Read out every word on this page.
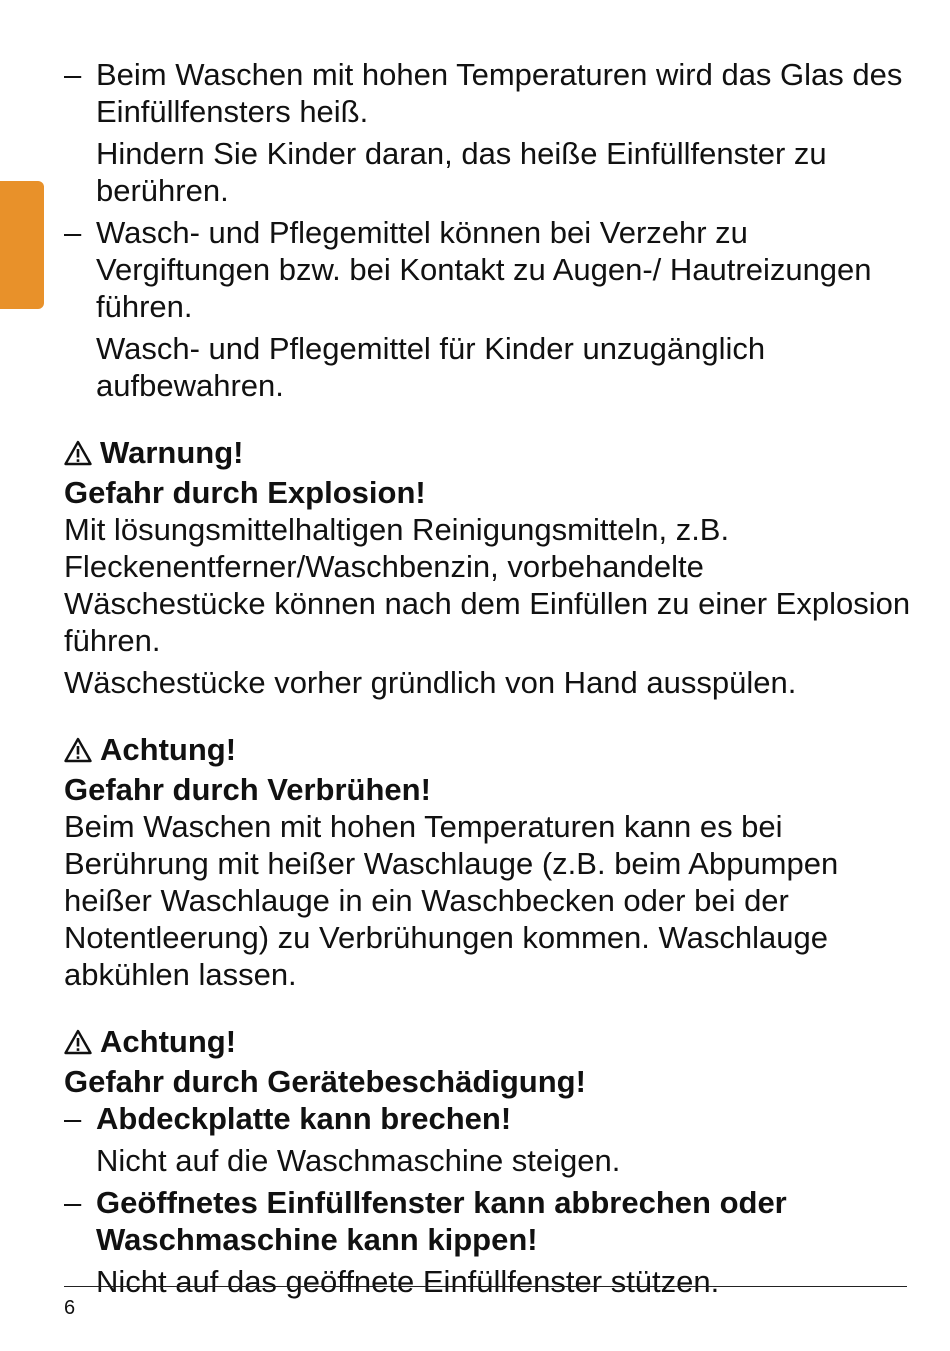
– Beim Waschen mit hohen Temperaturen wird das Glas des Einfüllfensters heiß.

Hindern Sie Kinder daran, das heiße Einfüllfenster zu berühren.

– Wasch- und Pflegemittel können bei Verzehr zu Vergiftungen bzw. bei Kontakt zu Augen-/ Hautreizungen führen.

Wasch- und Pflegemittel für Kinder unzugänglich aufbewahren.

Warnung!

Gefahr durch Explosion!

Mit lösungsmittelhaltigen Reinigungsmitteln, z.B. Fleckenentferner/Waschbenzin, vorbehandelte Wäschestücke können nach dem Einfüllen zu einer Explosion führen.

Wäschestücke vorher gründlich von Hand ausspülen.

Achtung!

Gefahr durch Verbrühen!

Beim Waschen mit hohen Temperaturen kann es bei Berührung mit heißer Waschlauge (z.B. beim Abpumpen heißer Waschlauge in ein Waschbecken oder bei der Notentleerung) zu Verbrühungen kommen. Waschlauge abkühlen lassen.

Achtung!

Gefahr durch Gerätebeschädigung!

– Abdeckplatte kann brechen!

Nicht auf die Waschmaschine steigen.

– Geöffnetes Einfüllfenster kann abbrechen oder Waschmaschine kann kippen!

Nicht auf das geöffnete Einfüllfenster stützen.

6
